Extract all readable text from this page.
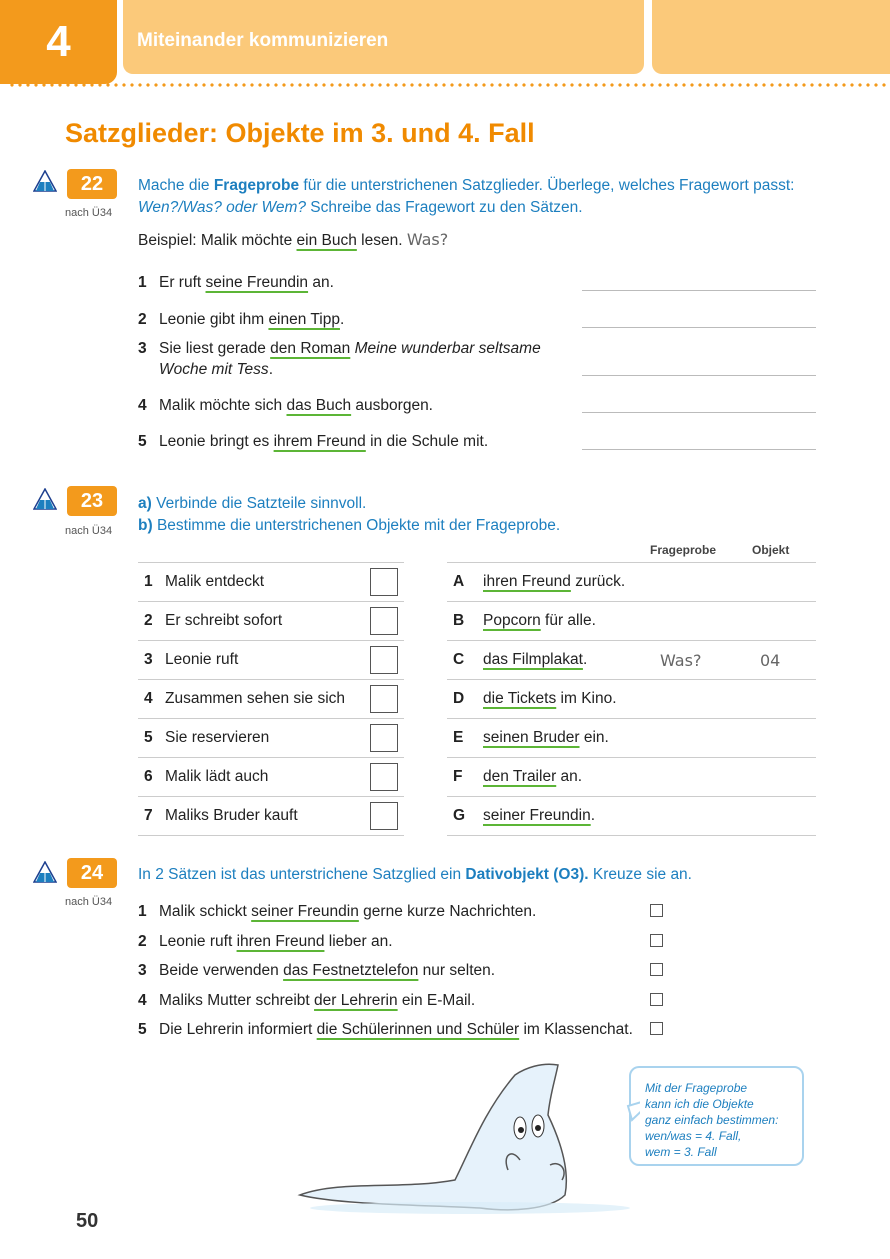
4	Miteinander kommunizieren
Satzglieder: Objekte im 3. und 4. Fall
22
nach Ü34
Mache die Frageprobe für die unterstrichenen Satzglieder. Überlege, welches Fragewort passt:
Wen?/Was? oder Wem? Schreibe das Fragewort zu den Sätzen.
Beispiel: Malik möchte ein Buch lesen. Was?
1 Er ruft seine Freundin an.
2 Leonie gibt ihm einen Tipp.
3 Sie liest gerade den Roman Meine wunderbar seltsame
Woche mit Tess.
4 Malik möchte sich das Buch ausborgen.
5 Leonie bringt es ihrem Freund in die Schule mit.
23
nach Ü34
a) Verbinde die Satzteile sinnvoll.
b) Bestimme die unterstrichenen Objekte mit der Frageprobe.
Frageprobe	Objekt
1 Malik entdeckt
2 Er schreibt sofort
3 Leonie ruft
4 Zusammen sehen sie sich
5 Sie reservieren
6 Malik lädt auch
7 Maliks Bruder kauft
A	ihren Freund zurück.
B	Popcorn für alle.
C	das Filmplakat.	Was?	04
D	die Tickets im Kino.
E	seinen Bruder ein.
F	den Trailer an.
G	seiner Freundin.
24
nach Ü34
In 2 Sätzen ist das unterstrichene Satzglied ein Dativobjekt (O3). Kreuze sie an.
1 Malik schickt seiner Freundin gerne kurze Nachrichten.
2 Leonie ruft ihren Freund lieber an.
3 Beide verwenden das Festnetztelefon nur selten.
4 Maliks Mutter schreibt der Lehrerin ein E-Mail.
5 Die Lehrerin informiert die Schülerinnen und Schüler im Klassenchat.
Mit der Frageprobe
kann ich die Objekte
ganz einfach bestimmen:
wen/was = 4. Fall,
wem = 3. Fall
50
